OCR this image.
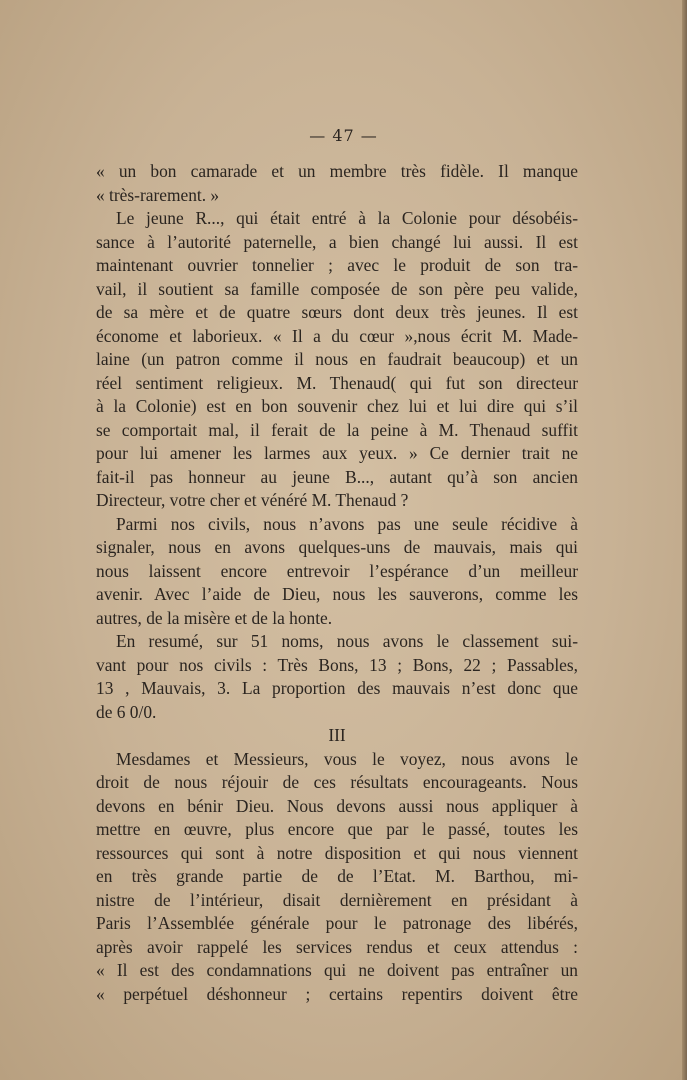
— 47 —
« un bon camarade et un membre très fidèle. Il manque
« très-rarement. »
Le jeune R..., qui était entré à la Colonie pour désobéis-
sance à l’autorité paternelle, a bien changé lui aussi. Il est
maintenant ouvrier tonnelier ; avec le produit de son tra-
vail, il soutient sa famille composée de son père peu valide,
de sa mère et de quatre sœurs dont deux très jeunes. Il est
économe et laborieux. « Il a du cœur »,nous écrit M. Made-
laine (un patron comme il nous en faudrait beaucoup) et un
réel sentiment religieux. M. Thenaud( qui fut son directeur
à la Colonie) est en bon souvenir chez lui et lui dire qui s’il
se comportait mal, il ferait de la peine à M. Thenaud suffit
pour lui amener les larmes aux yeux. » Ce dernier trait ne
fait-il pas honneur au jeune B..., autant qu’à son ancien
Directeur, votre cher et vénéré M. Thenaud ?
Parmi nos civils, nous n’avons pas une seule récidive à
signaler, nous en avons quelques-uns de mauvais, mais qui
nous laissent encore entrevoir l’espérance d’un meilleur
avenir. Avec l’aide de Dieu, nous les sauverons, comme les
autres, de la misère et de la honte.
En resumé, sur 51 noms, nous avons le classement sui-
vant pour nos civils : Très Bons, 13 ; Bons, 22 ; Passables,
13 , Mauvais, 3. La proportion des mauvais n’est donc que
de 6 0/0.
III
Mesdames et Messieurs, vous le voyez, nous avons le
droit de nous réjouir de ces résultats encourageants. Nous
devons en bénir Dieu. Nous devons aussi nous appliquer à
mettre en œuvre, plus encore que par le passé, toutes les
ressources qui sont à notre disposition et qui nous viennent
en très grande partie de de l’Etat. M. Barthou, mi-
nistre de l’intérieur, disait dernièrement en présidant à
Paris l’Assemblée générale pour le patronage des libérés,
après avoir rappelé les services rendus et ceux attendus :
« Il est des condamnations qui ne doivent pas entraîner un
« perpétuel déshonneur ; certains repentirs doivent être
